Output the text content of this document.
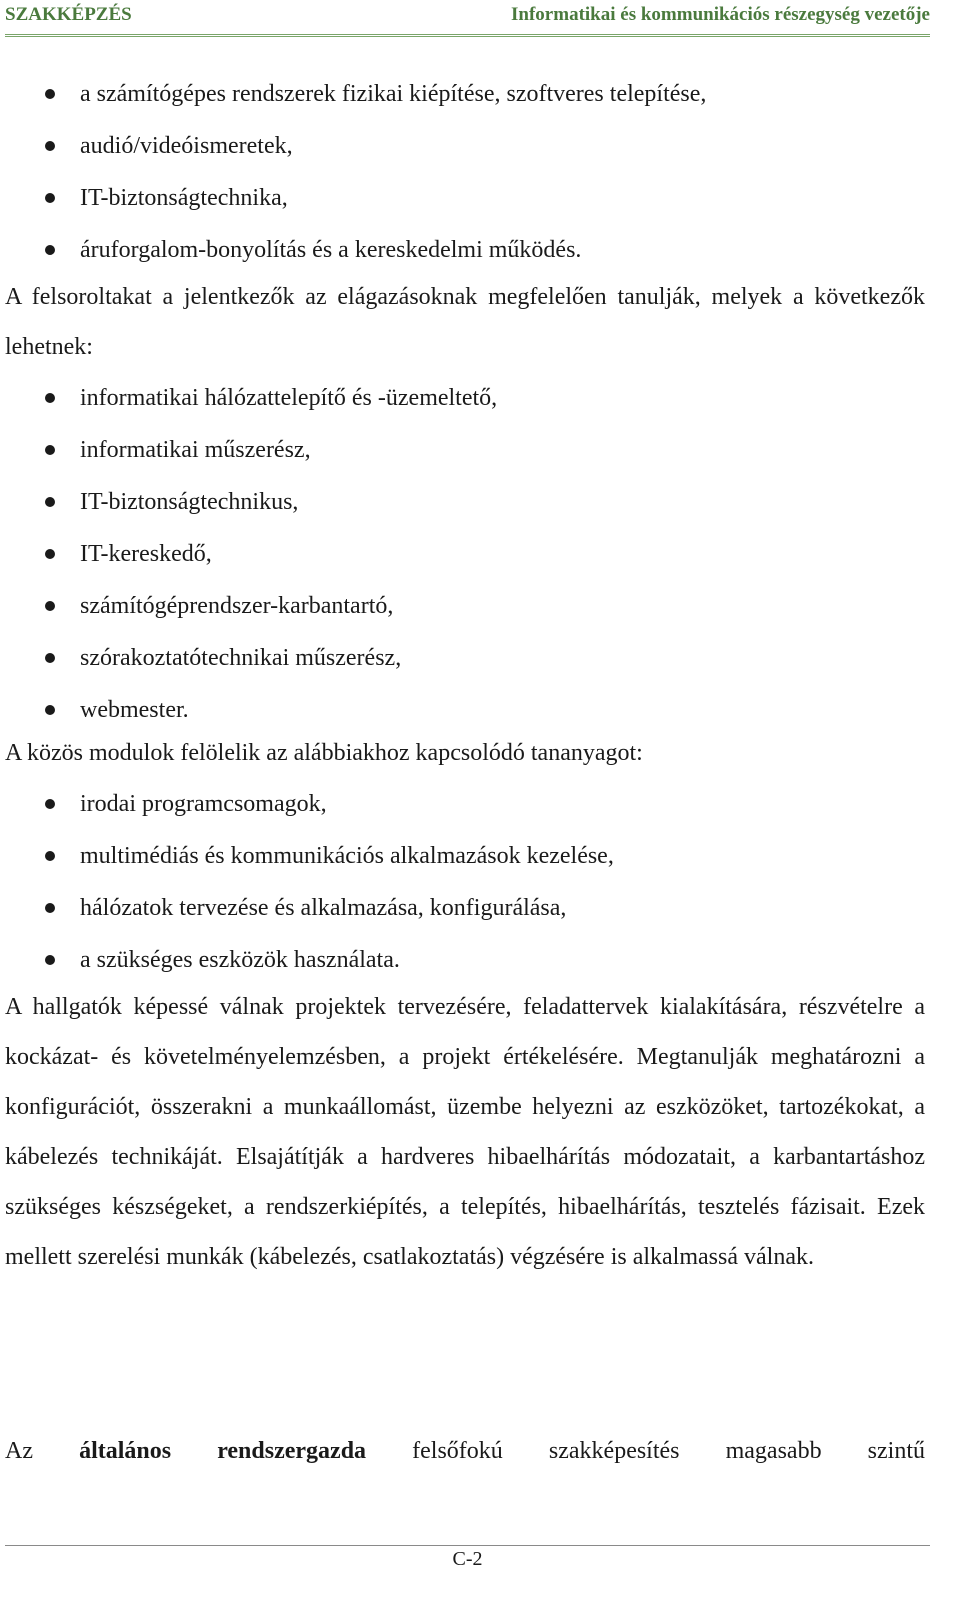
SZAKKÉPZÉS	Informatikai és kommunikációs részegység vezetője
a számítógépes rendszerek fizikai kiépítése, szoftveres telepítése,
audió/videóismeretek,
IT-biztonságtechnika,
áruforgalom-bonyolítás és a kereskedelmi működés.

A felsoroltakat a jelentkezők az elágazásoknak megfelelően tanulják, melyek a következők lehetnek:

informatikai hálózattelepítő és -üzemeltető,
informatikai műszerész,
IT-biztonságtechnikus,
IT-kereskedő,
számítógéprendszer-karbantartó,
szórakoztatótechnikai műszerész,
webmester.

A közös modulok felölelik az alábbiakhoz kapcsolódó tananyagot:

irodai programcsomagok,
multimédiás és kommunikációs alkalmazások kezelése,
hálózatok tervezése és alkalmazása, konfigurálása,
a szükséges eszközök használata.

A hallgatók képessé válnak projektek tervezésére, feladattervek kialakítására, részvételre a kockázat- és követelményelemzésben, a projekt értékelésére. Megtanulják meghatározni a konfigurációt, összerakni a munkaállomást, üzembe helyezni az eszközöket, tartozékokat, a kábelezés technikáját. Elsajátítják a hardveres hibaelhárítás módozatait, a karbantartáshoz szükséges készségeket, a rendszerkiépítés, a telepítés, hibaelhárítás, tesztelés fázisait. Ezek mellett szerelési munkák (kábelezés, csatlakoztatás) végzésére is alkalmassá válnak.

Az általános rendszergazda felsőfokú szakképesítés magasabb szintű

C-2
